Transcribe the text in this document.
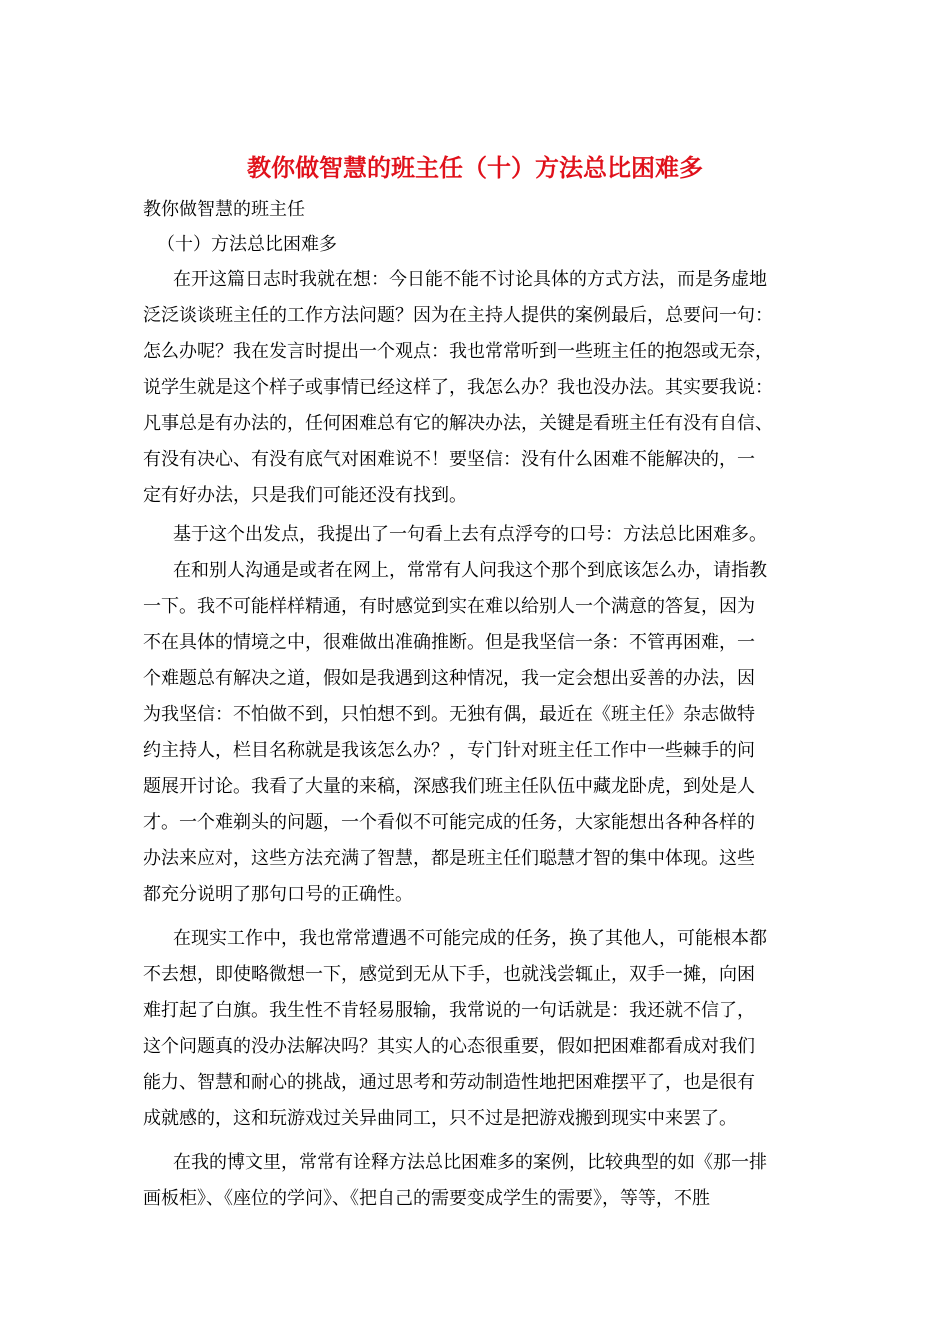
教你做智慧的班主任（十）方法总比困难多
教你做智慧的班主任
（十）方法总比困难多
在开这篇日志时我就在想：今日能不能不讨论具体的方式方法，而是务虚地
泛泛谈谈班主任的工作方法问题？因为在主持人提供的案例最后，总要问一句：
怎么办呢？我在发言时提出一个观点：我也常常听到一些班主任的抱怨或无奈，
说学生就是这个样子或事情已经这样了，我怎么办？我也没办法。其实要我说：
凡事总是有办法的，任何困难总有它的解决办法，关键是看班主任有没有自信、
有没有决心、有没有底气对困难说不！要坚信：没有什么困难不能解决的，一
定有好办法，只是我们可能还没有找到。
基于这个出发点，我提出了一句看上去有点浮夸的口号：方法总比困难多。
在和别人沟通是或者在网上，常常有人问我这个那个到底该怎么办，请指教
一下。我不可能样样精通，有时感觉到实在难以给别人一个满意的答复，因为
不在具体的情境之中，很难做出准确推断。但是我坚信一条：不管再困难，一
个难题总有解决之道，假如是我遇到这种情况，我一定会想出妥善的办法，因
为我坚信：不怕做不到，只怕想不到。无独有偶，最近在《班主任》杂志做特
约主持人，栏目名称就是我该怎么办？，专门针对班主任工作中一些棘手的问
题展开讨论。我看了大量的来稿，深感我们班主任队伍中藏龙卧虎，到处是人
才。一个难剃头的问题，一个看似不可能完成的任务，大家能想出各种各样的
办法来应对，这些方法充满了智慧，都是班主任们聪慧才智的集中体现。这些
都充分说明了那句口号的正确性。
在现实工作中，我也常常遭遇不可能完成的任务，换了其他人，可能根本都
不去想，即使略微想一下，感觉到无从下手，也就浅尝辄止，双手一摊，向困
难打起了白旗。我生性不肯轻易服输，我常说的一句话就是：我还就不信了，
这个问题真的没办法解决吗？其实人的心态很重要，假如把困难都看成对我们
能力、智慧和耐心的挑战，通过思考和劳动制造性地把困难摆平了，也是很有
成就感的，这和玩游戏过关异曲同工，只不过是把游戏搬到现实中来罢了。
在我的博文里，常常有诠释方法总比困难多的案例，比较典型的如《那一排
画板柜》、《座位的学问》、《把自己的需要变成学生的需要》，等等，不胜
